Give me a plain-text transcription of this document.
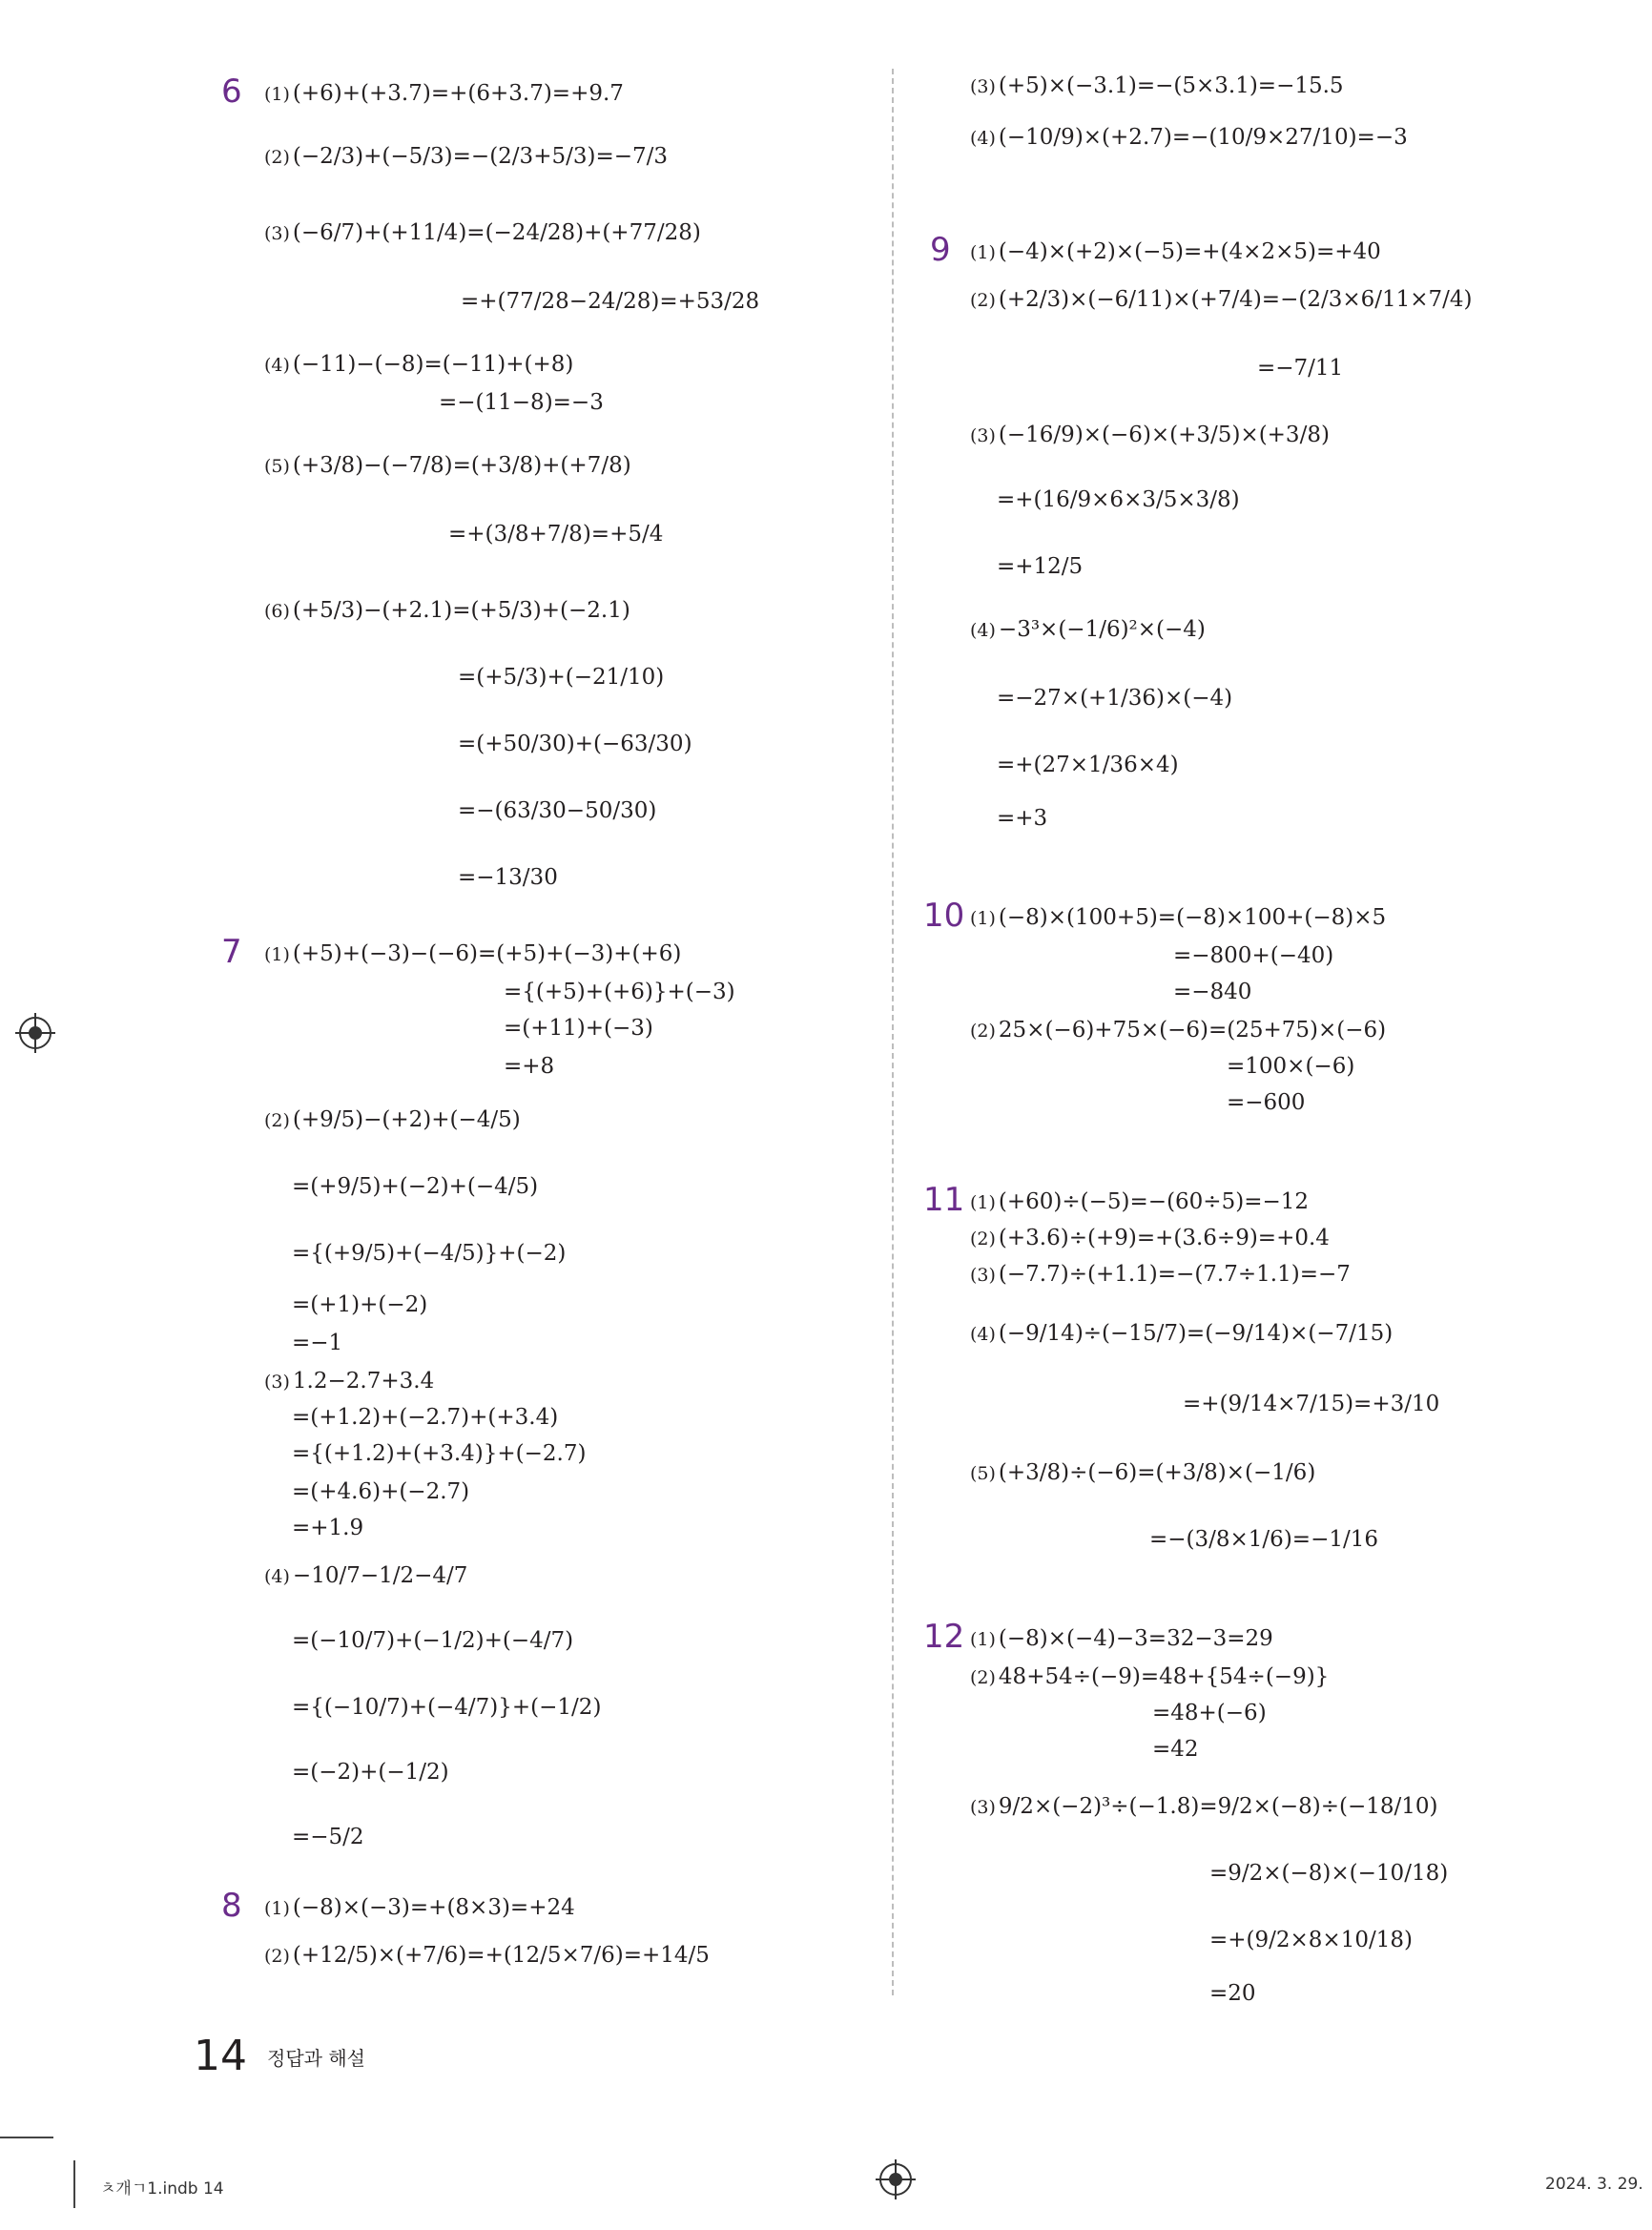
6 (1) (+6)+(+3.7)=+(6+3.7)=+9.7
(2) (−2/3)+(−5/3)=−(2/3+5/3)=−7/3
(3) (−6/7)+(+11/4)=(−24/28)+(+77/28)
=+(77/28−24/28)=+53/28
(4) (−11)−(−8)=(−11)+(+8)
=−(11−8)=−3
(5) (+3/8)−(−7/8)=(+3/8)+(+7/8)
=+(3/8+7/8)=+5/4
(6) (+5/3)−(+2.1)=(+5/3)+(−2.1)
=(+5/3)+(−21/10)
=(+50/30)+(−63/30)
=−(63/30−50/30)
=−13/30
7 (1) (+5)+(−3)−(−6)=(+5)+(−3)+(+6)
={(+5)+(+6)}+(−3)
=(+11)+(−3)
=+8
(2) (+9/5)−(+2)+(−4/5)
=(+9/5)+(−2)+(−4/5)
={(+9/5)+(−4/5)}+(−2)
=(+1)+(−2)
=−1
(3) 1.2−2.7+3.4
=(+1.2)+(−2.7)+(+3.4)
={(+1.2)+(+3.4)}+(−2.7)
=(+4.6)+(−2.7)
=+1.9
(4) −10/7−1/2−4/7
=(−10/7)+(−1/2)+(−4/7)
={(−10/7)+(−4/7)}+(−1/2)
=(−2)+(−1/2)
=−5/2
8 (1) (−8)×(−3)=+(8×3)=+24
(2) (+12/5)×(+7/6)=+(12/5×7/6)=+14/5
(3) (+5)×(−3.1)=−(5×3.1)=−15.5
(4) (−10/9)×(+2.7)=−(10/9×27/10)=−3
9 (1) (−4)×(+2)×(−5)=+(4×2×5)=+40
(2) (+2/3)×(−6/11)×(+7/4)=−(2/3×6/11×7/4)
=−7/11
(3) (−16/9)×(−6)×(+3/5)×(+3/8)
=+(16/9×6×3/5×3/8)
=+12/5
(4) −3³×(−1/6)²×(−4)
=−27×(+1/36)×(−4)
=+(27×1/36×4)
=+3
10 (1) (−8)×(100+5)=(−8)×100+(−8)×5
=−800+(−40)
=−840
(2) 25×(−6)+75×(−6)=(25+75)×(−6)
=100×(−6)
=−600
11 (1) (+60)÷(−5)=−(60÷5)=−12
(2) (+3.6)÷(+9)=+(3.6÷9)=+0.4
(3) (−7.7)÷(+1.1)=−(7.7÷1.1)=−7
(4) (−9/14)÷(−15/7)=(−9/14)×(−7/15)
=+(9/14×7/15)=+3/10
(5) (+3/8)÷(−6)=(+3/8)×(−1/6)
=−(3/8×1/6)=−1/16
12 (1) (−8)×(−4)−3=32−3=29
(2) 48+54÷(−9)=48+{54÷(−9)}
=48+(−6)
=42
(3) 9/2×(−2)³÷(−1.8)=9/2×(−8)÷(−18/10)
=9/2×(−8)×(−10/18)
=+(9/2×8×10/18)
=20
14 정답과 해설
ㅊ개ㄱ1.indb 14	2024. 3. 29.
